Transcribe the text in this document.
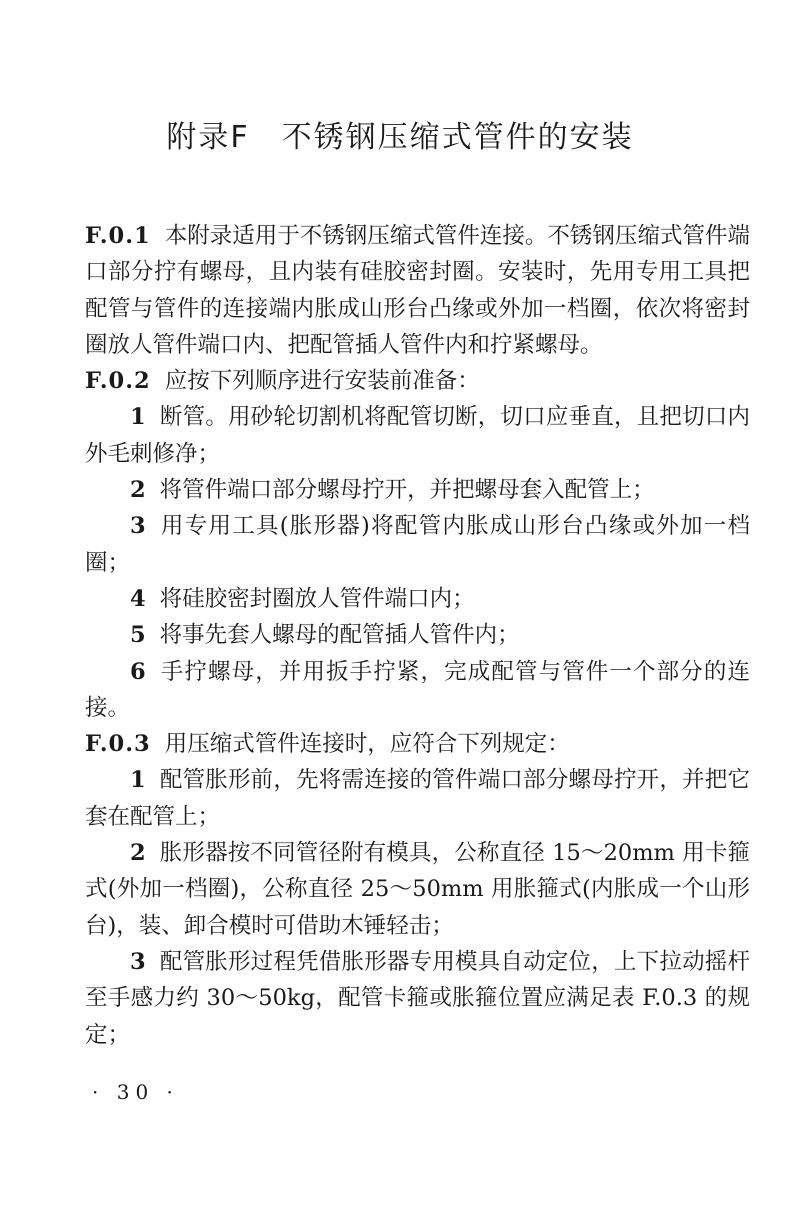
附录F　不锈钢压缩式管件的安装

F.0.1 本附录适用于不锈钢压缩式管件连接。不锈钢压缩式管件端口部分拧有螺母，且内装有硅胶密封圈。安装时，先用专用工具把配管与管件的连接端内胀成山形台凸缘或外加一档圈，依次将密封圈放人管件端口内、把配管插人管件内和拧紧螺母。

F.0.2 应按下列顺序进行安装前准备：

1 断管。用砂轮切割机将配管切断，切口应垂直，且把切口内外毛刺修净；

2 将管件端口部分螺母拧开，并把螺母套入配管上；

3 用专用工具(胀形器)将配管内胀成山形台凸缘或外加一档圈；

4 将硅胶密封圈放人管件端口内；

5 将事先套人螺母的配管插人管件内；

6 手拧螺母，并用扳手拧紧，完成配管与管件一个部分的连接。

F.0.3 用压缩式管件连接时，应符合下列规定：

1 配管胀形前，先将需连接的管件端口部分螺母拧开，并把它套在配管上；

2 胀形器按不同管径附有模具，公称直径 15～20mm 用卡箍式(外加一档圈)，公称直径 25～50mm 用胀箍式(内胀成一个山形台)，装、卸合模时可借助木锤轻击；

3 配管胀形过程凭借胀形器专用模具自动定位，上下拉动摇杆至手感力约 30～50kg，配管卡箍或胀箍位置应满足表 F.0.3 的规定；

· 30 ·
